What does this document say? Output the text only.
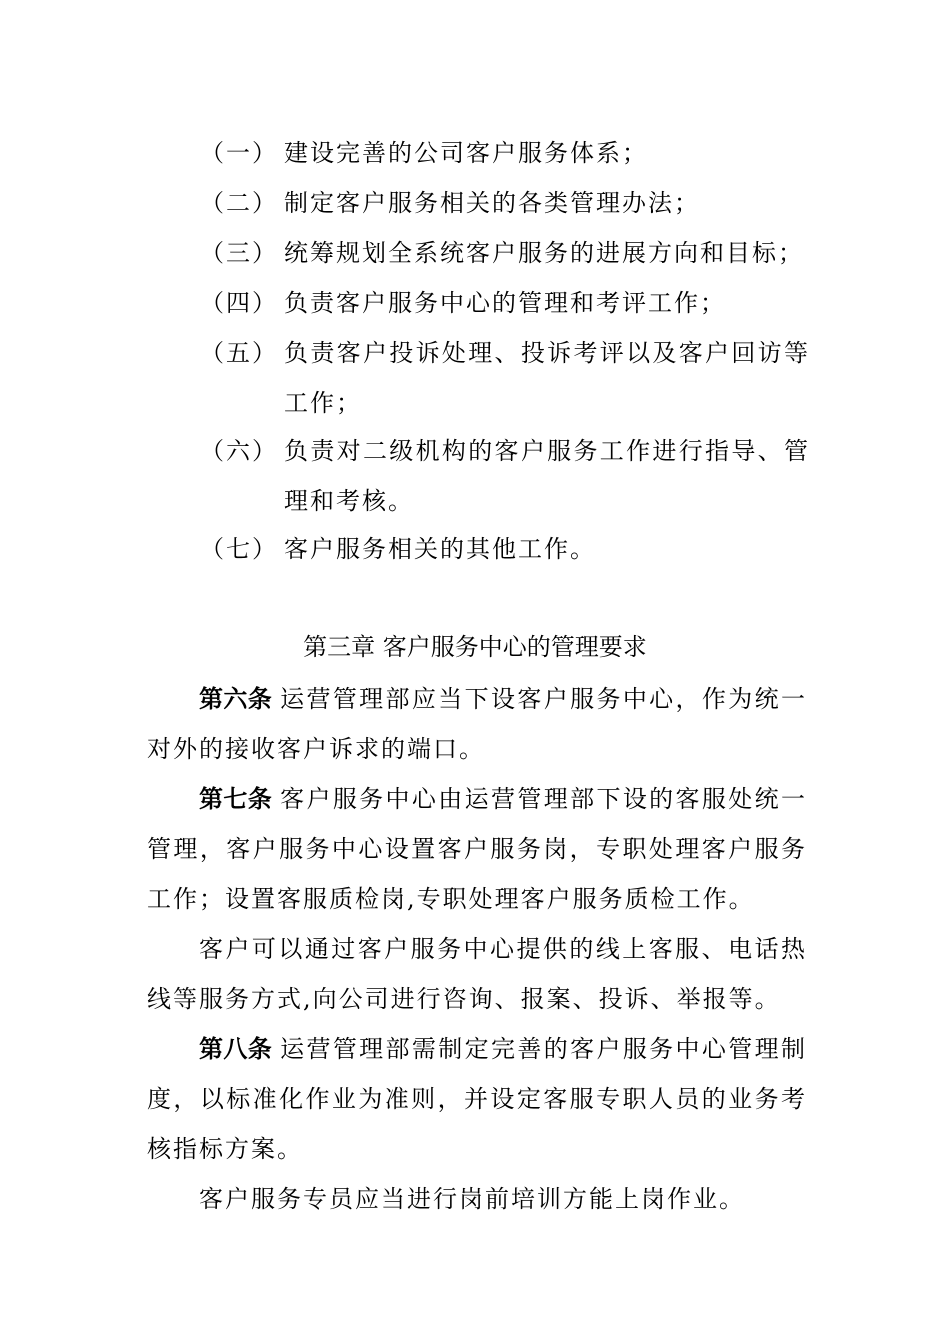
（一） 建设完善的公司客户服务体系；
（二） 制定客户服务相关的各类管理办法；
（三） 统筹规划全系统客户服务的进展方向和目标；
（四） 负责客户服务中心的管理和考评工作；
（五） 负责客户投诉处理、投诉考评以及客户回访等工作；
（六） 负责对二级机构的客户服务工作进行指导、管理和考核。
（七） 客户服务相关的其他工作。
第三章 客户服务中心的管理要求
第六条 运营管理部应当下设客户服务中心，作为统一对外的接收客户诉求的端口。
第七条 客户服务中心由运营管理部下设的客服处统一管理，客户服务中心设置客户服务岗，专职处理客户服务工作；设置客服质检岗,专职处理客户服务质检工作。
客户可以通过客户服务中心提供的线上客服、电话热线等服务方式,向公司进行咨询、报案、投诉、举报等。
第八条 运营管理部需制定完善的客户服务中心管理制度，以标准化作业为准则，并设定客服专职人员的业务考核指标方案。
客户服务专员应当进行岗前培训方能上岗作业。
